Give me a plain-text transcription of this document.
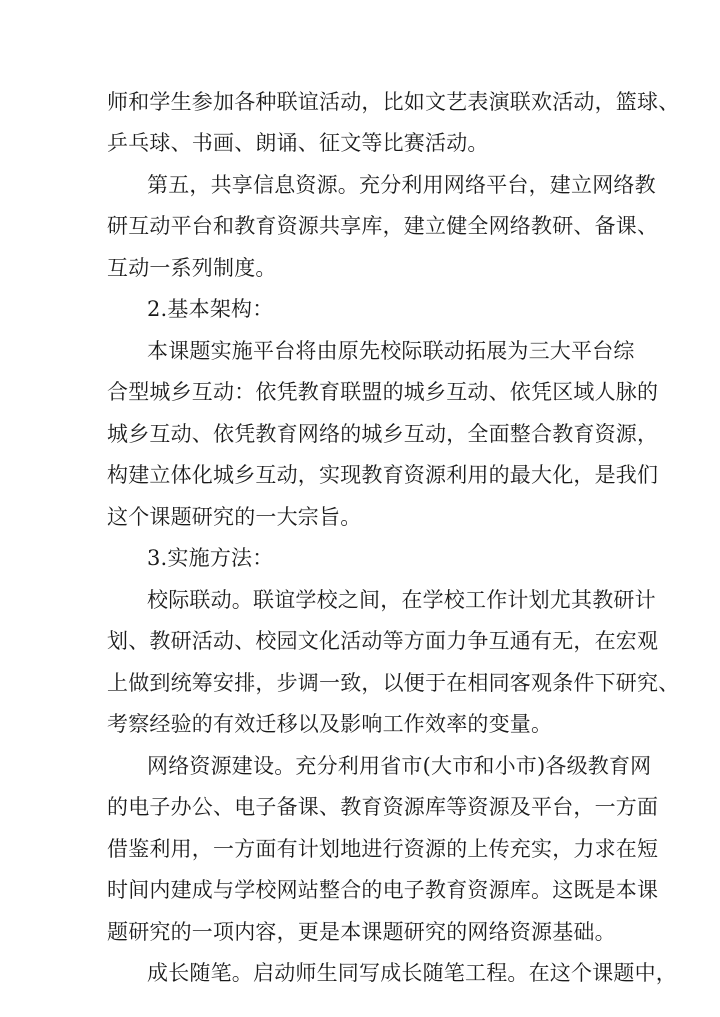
师和学生参加各种联谊活动，比如文艺表演联欢活动，篮球、
乒乓球、书画、朗诵、征文等比赛活动。
第五，共享信息资源。充分利用网络平台，建立网络教
研互动平台和教育资源共享库，建立健全网络教研、备课、
互动一系列制度。
2.基本架构：
本课题实施平台将由原先校际联动拓展为三大平台综
合型城乡互动：依凭教育联盟的城乡互动、依凭区域人脉的
城乡互动、依凭教育网络的城乡互动，全面整合教育资源，
构建立体化城乡互动，实现教育资源利用的最大化，是我们
这个课题研究的一大宗旨。
3.实施方法：
校际联动。联谊学校之间，在学校工作计划尤其教研计
划、教研活动、校园文化活动等方面力争互通有无，在宏观
上做到统筹安排，步调一致，以便于在相同客观条件下研究、
考察经验的有效迁移以及影响工作效率的变量。
网络资源建设。充分利用省市(大市和小市)各级教育网
的电子办公、电子备课、教育资源库等资源及平台，一方面
借鉴利用，一方面有计划地进行资源的上传充实，力求在短
时间内建成与学校网站整合的电子教育资源库。这既是本课
题研究的一项内容，更是本课题研究的网络资源基础。
成长随笔。启动师生同写成长随笔工程。在这个课题中，
